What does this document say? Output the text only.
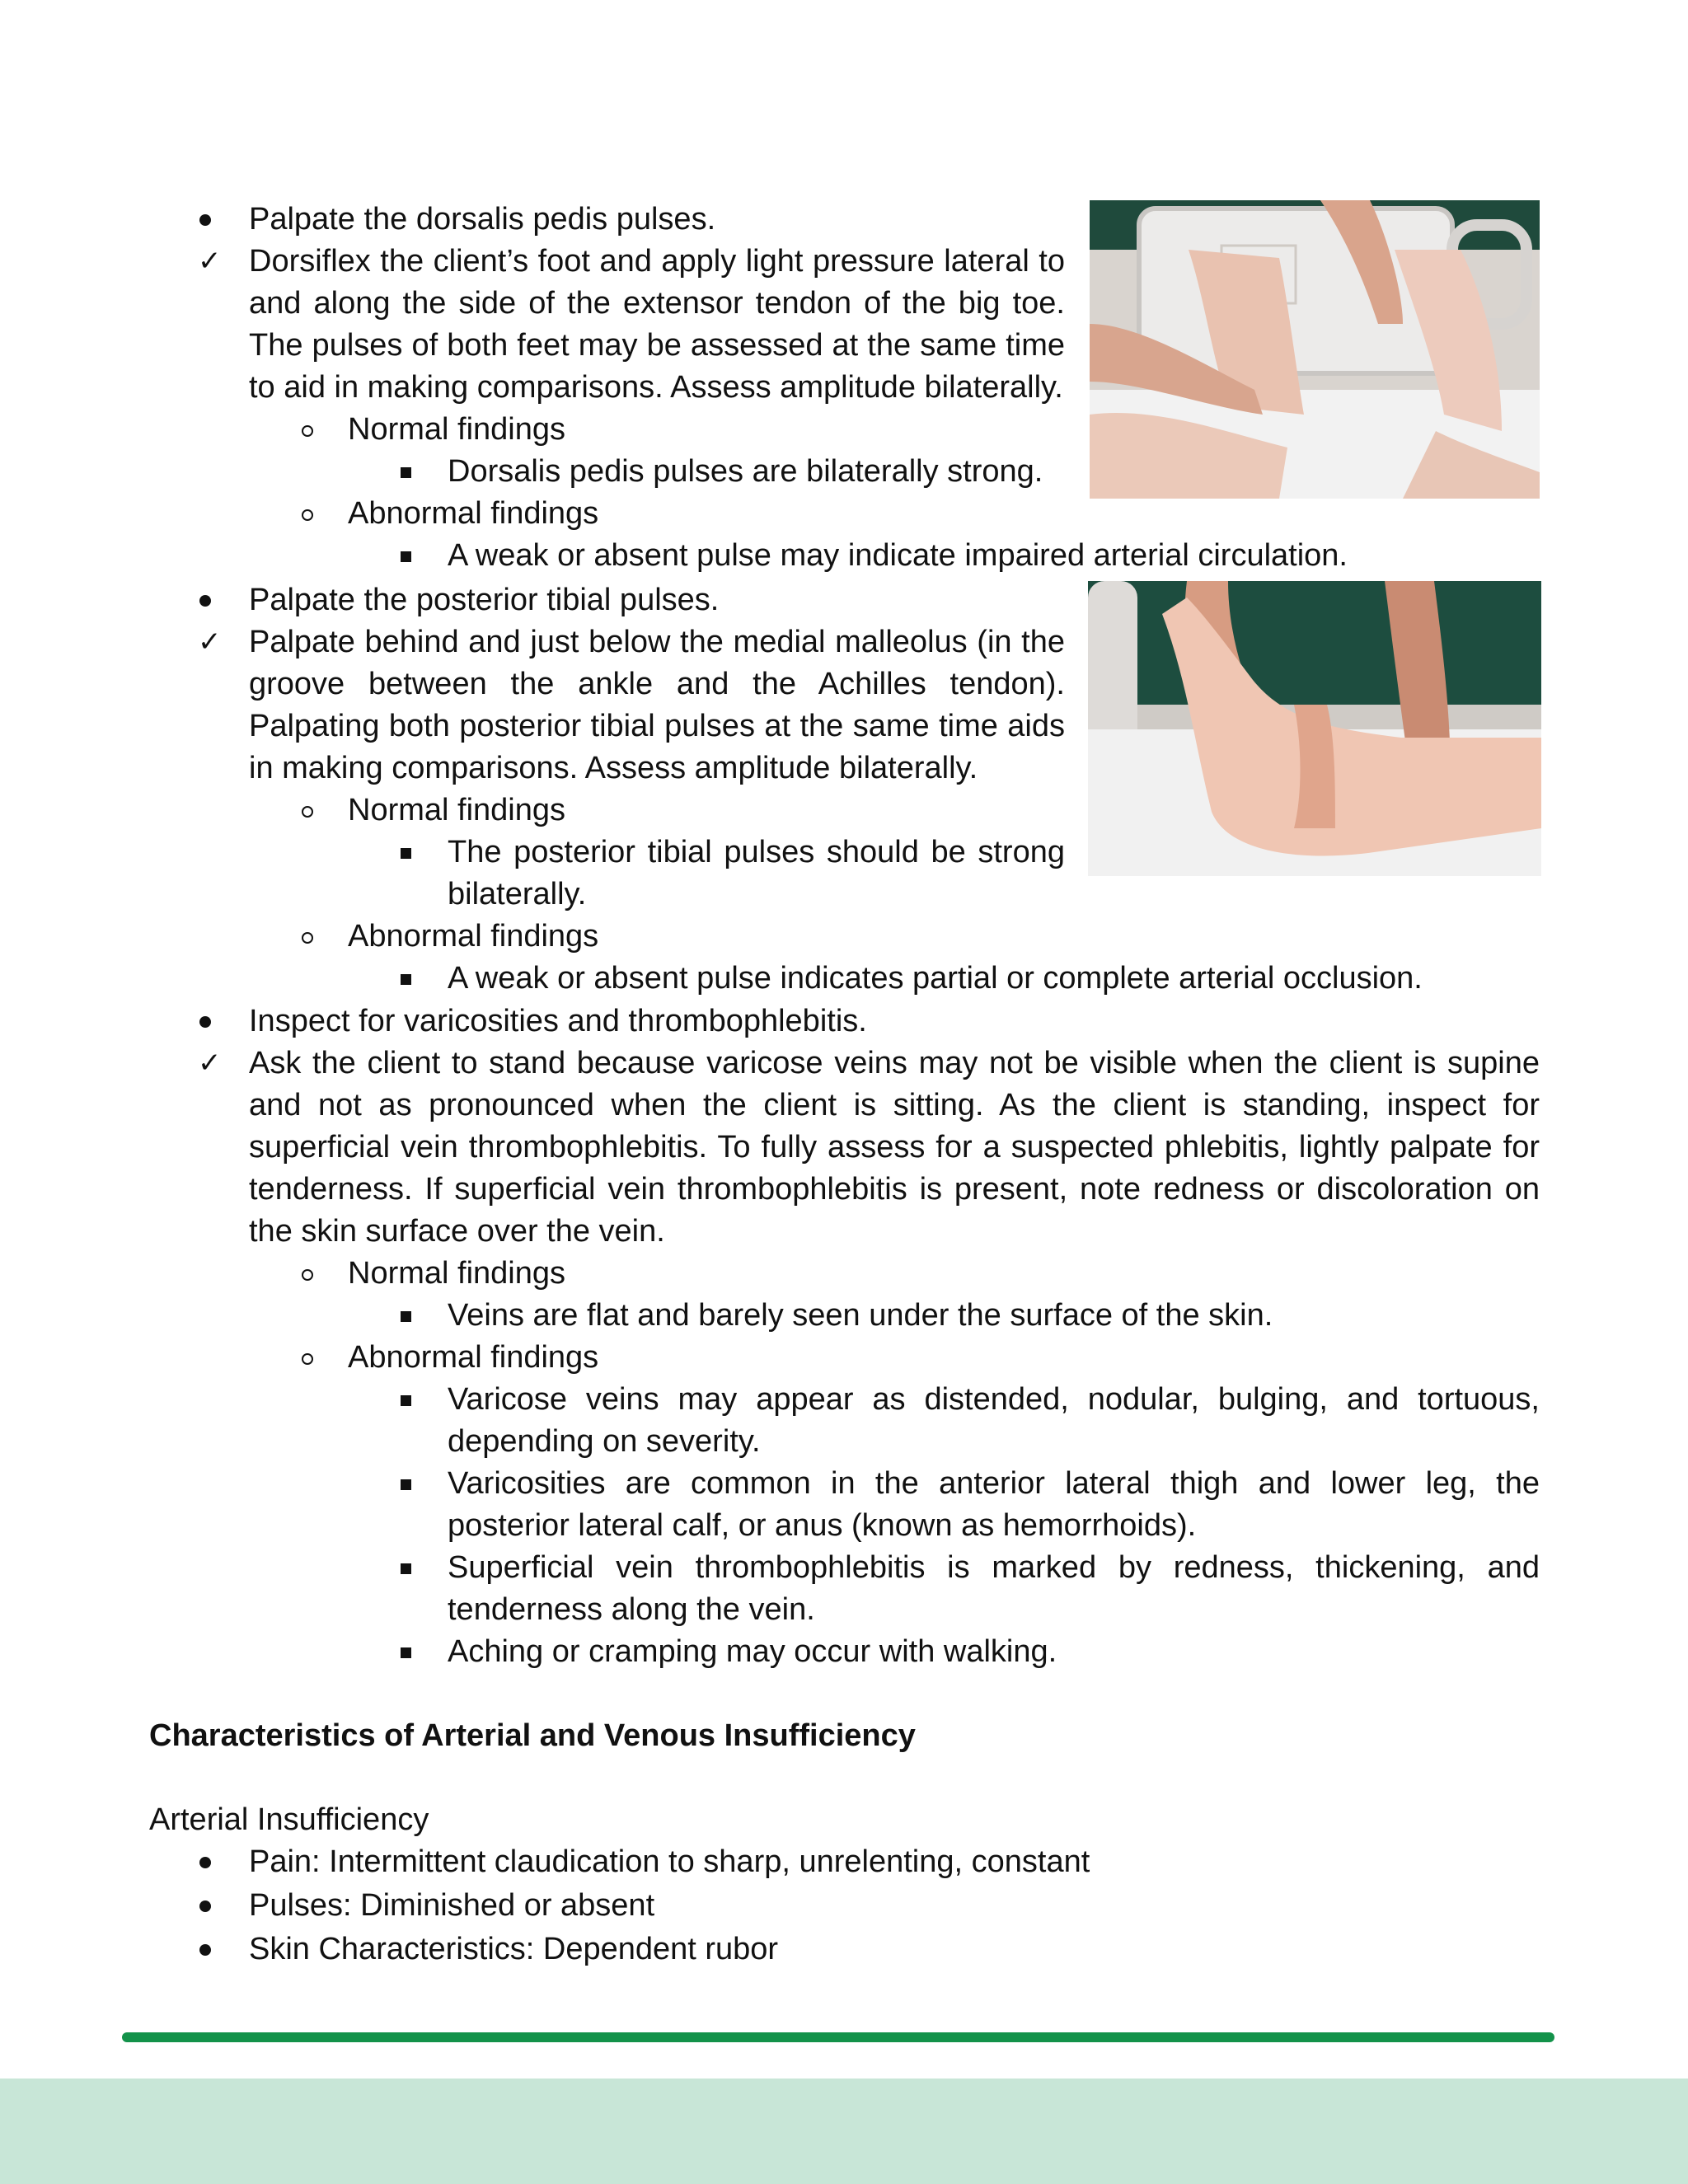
Palpate the dorsalis pedis pulses.

✓ Dorsiflex the client’s foot and apply light pressure lateral to and along the side of the extensor tendon of the big toe. The pulses of both feet may be assessed at the same time to aid in making comparisons. Assess amplitude bilaterally.

Normal findings

Dorsalis pedis pulses are bilaterally strong.

Abnormal findings

A weak or absent pulse may indicate impaired arterial circulation.

Palpate the posterior tibial pulses.

✓ Palpate behind and just below the medial malleolus (in the groove between the ankle and the Achilles tendon). Palpating both posterior tibial pulses at the same time aids in making comparisons. Assess amplitude bilaterally.

Normal findings

The posterior tibial pulses should be strong bilaterally.

Abnormal findings

A weak or absent pulse indicates partial or complete arterial occlusion.

Inspect for varicosities and thrombophlebitis.

✓ Ask the client to stand because varicose veins may not be visible when the client is supine and not as pronounced when the client is sitting. As the client is standing, inspect for superficial vein thrombophlebitis. To fully assess for a suspected phlebitis, lightly palpate for tenderness. If superficial vein thrombophlebitis is present, note redness or discoloration on the skin surface over the vein.

Normal findings

Veins are flat and barely seen under the surface of the skin.

Abnormal findings

Varicose veins may appear as distended, nodular, bulging, and tortuous, depending on severity.

Varicosities are common in the anterior lateral thigh and lower leg, the posterior lateral calf, or anus (known as hemorrhoids).

Superficial vein thrombophlebitis is marked by redness, thickening, and tenderness along the vein.

Aching or cramping may occur with walking.

Characteristics of Arterial and Venous Insufficiency

Arterial Insufficiency

Pain: Intermittent claudication to sharp, unrelenting, constant

Pulses: Diminished or absent

Skin Characteristics: Dependent rubor
